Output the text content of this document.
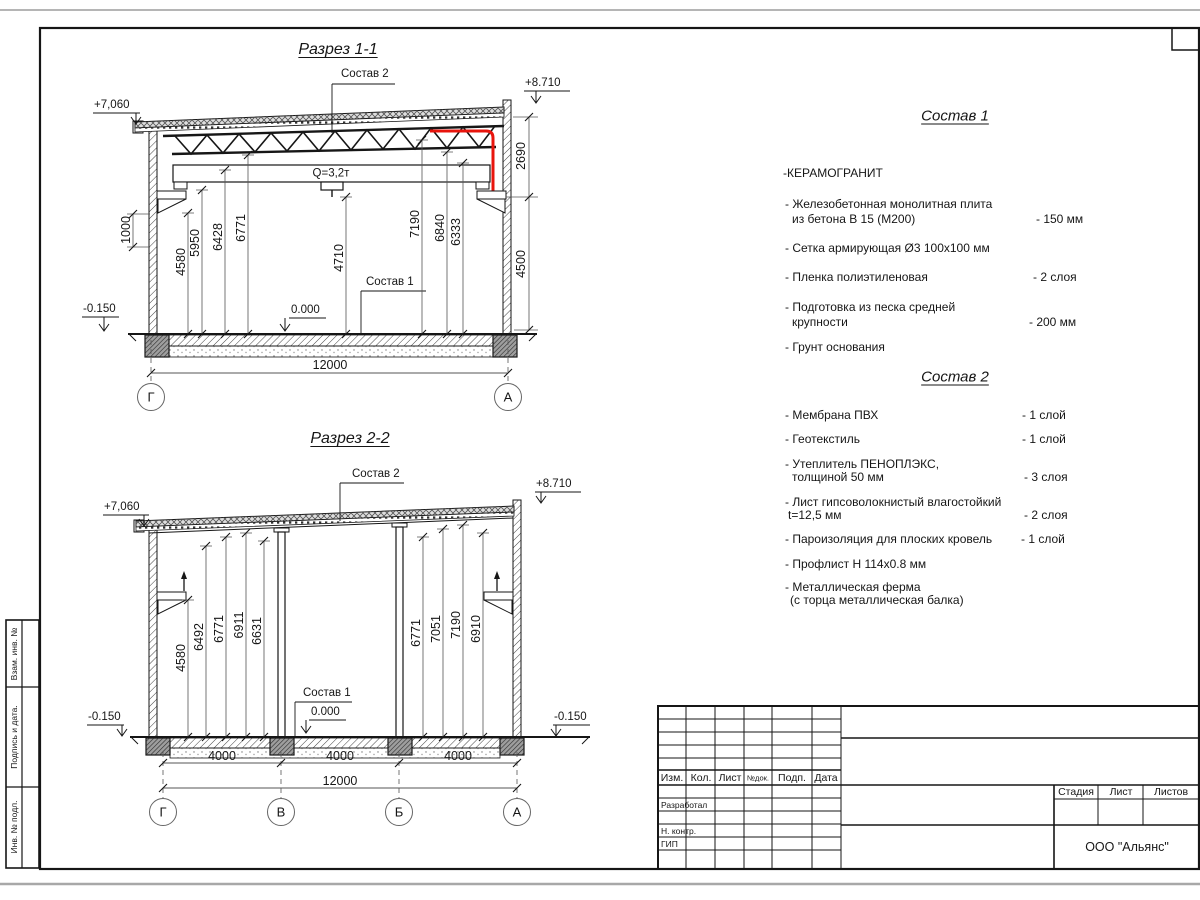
Разрез 1-1
Состав 2
+8.710
+7,060
Q=3,2т
Состав 1
0.000
-0.150
1000
4580
5950 6428 6771
4710
7190 6840 6333
2690
4500
12000
Г	А
Разрез 2-2
Состав 2
+8.710
+7,060
Состав 1
0.000
-0.150	-0.150
4580
6492 6771 6911 6631	6771 7051 7190 6910
4000	4000	4000
12000
Г	В	Б	А
Состав 1
-КЕРАМОГРАНИТ
- Железобетонная монолитная плита
из бетона В 15 (М200)	- 150 мм
- Сетка армирующая Ø3 100х100 мм
- Пленка полиэтиленовая	- 2 слоя
- Подготовка из песка средней
крупности	- 200 мм
- Грунт основания
Состав 2
- Мембрана ПВХ	- 1 слой
- Геотекстиль	- 1 слой
- Утеплитель ПЕНОПЛЭКС,
толщиной 50 мм	- 3 слоя
- Лист гипсоволокнистый влагостойкий
t=12,5 мм	- 2 слоя
- Пароизоляция для плоских кровель - 1 слой
- Профлист Н 114х0.8 мм
- Металлическая ферма
(с торца металлическая балка)
Изм. Кол. Лист №док. Подп. Дата
Разработал
Н. контр.
ГИП
Стадия Лист Листов
ООО "Альянс"
Взам. инв. №
Подпись и дата.
Инв. № подл.
